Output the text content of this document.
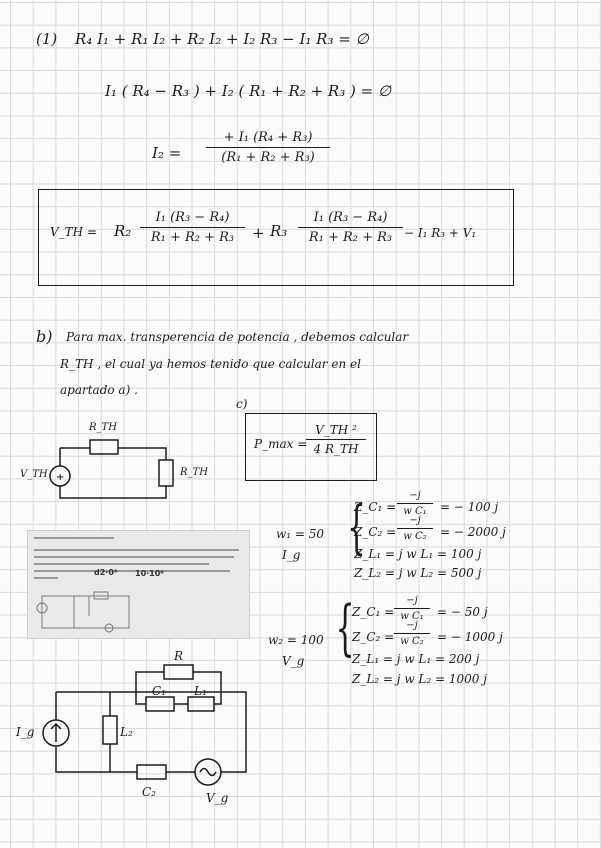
(1) R₄ I₁ + R₁ I₂ + R₂ I₂ + I₂ R₃ − I₁ R₃ = ∅
I₁ ( R₄ − R₃ ) + I₂ ( R₁ + R₂ + R₃ ) = ∅
$I_2 = \frac{\text{+ I₁ (R₄ + R₃)}}{\text{(R₁ + R₂ + R₃)}}$
V_TH = $R_2 \frac{\text{I₁ (R₃ − R₄)}}{\text{R₁ + R₂ + R₃}} + R_3 \frac{\text{I₁ (R₃ − R₄)}}{\text{R₁ + R₂ + R₃}} - I_1$ R₃ + V₁
b) Para max. transperencia de potencia , debemos calcular
R_TH , el cual ya hemos tenido que calcular en el
apartado a) .
+
R_TH
R_TH
V_TH
c)
P_max =
$\frac{\text{V\_TH ²}}{4 R\_TH}$
d2·0³ 10·10⁶
w₁ = 50
I_g {
Z_C₁ = $\frac{-j}{\text{w C₁}}$ = − 100 j
Z_C₂ = $\frac{-j}{\text{w C₂}}$ = − 2000 j
Z_L₁ = j w L₁ = 100 j
Z_L₂ = j w L₂ = 500 j
w₂ = 100
V_g {
Z_C₁ = $\frac{-j}{\text{w C₁}}$ = − 50 j
Z_C₂ = $\frac{-j}{\text{w C₂}}$ = − 1000 j
Z_L₁ = j w L₁ = 200 j
Z_L₂ = j w L₂ = 1000 j
R
C₁ L₁
L₂
C₂
I_g
V_g
